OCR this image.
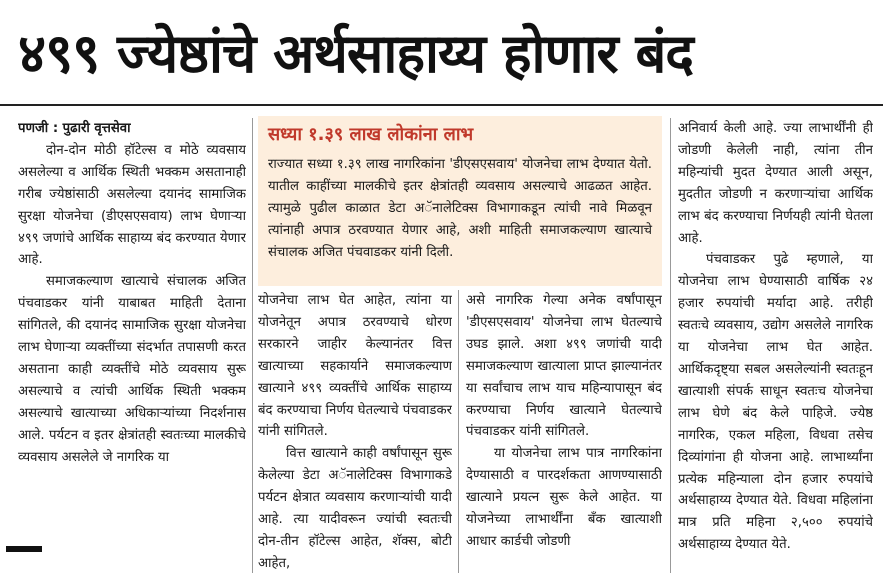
४९९ ज्येष्ठांचे अर्थसाहाय्य होणार बंद

पणजी : पुढारी वृत्तसेवा

दोन-दोन मोठी हॉटेल्स व मोठे व्यवसाय असलेल्या व आर्थिक स्थिती भक्कम असतानाही गरीब ज्येष्ठांसाठी असलेल्या दयानंद सामाजिक सुरक्षा योजनेचा (डीएसएसवाय) लाभ घेणाऱ्या ४९९ जणांचे आर्थिक साहाय्य बंद करण्यात येणार आहे.

समाजकल्याण खात्याचे संचालक अजित पंचवाडकर यांनी याबाबत माहिती देताना सांगितले, की दयानंद सामाजिक सुरक्षा योजनेचा लाभ घेणाऱ्या व्यक्तींच्या संदर्भात तपासणी करत असताना काही व्यक्तींचे मोठे व्यवसाय सुरू असल्याचे व त्यांची आर्थिक स्थिती भक्कम असल्याचे खात्याच्या अधिकाऱ्यांच्या निदर्शनास आले. पर्यटन व इतर क्षेत्रांतही स्वतःच्या मालकीचे व्यवसाय असलेले जे नागरिक या

सध्या १.३९ लाख लोकांना लाभ

राज्यात सध्या १.३९ लाख नागरिकांना 'डीएसएसवाय' योजनेचा लाभ देण्यात येतो. यातील काहींच्या मालकीचे इतर क्षेत्रांतही व्यवसाय असल्याचे आढळत आहेत. त्यामुळे पुढील काळात डेटा अॅनालेटिक्स विभागाकडून त्यांची नावे मिळवून त्यांनाही अपात्र ठरवण्यात येणार आहे, अशी माहिती समाजकल्याण खात्याचे संचालक अजित पंचवाडकर यांनी दिली.

योजनेचा लाभ घेत आहेत, त्यांना या योजनेतून अपात्र ठरवण्याचे धोरण सरकारने जाहीर केल्यानंतर वित्त खात्याच्या सहकार्याने समाजकल्याण खात्याने ४९९ व्यक्तींचे आर्थिक साहाय्य बंद करण्याचा निर्णय घेतल्याचे पंचवाडकर यांनी सांगितले.

वित्त खात्याने काही वर्षांपासून सुरू केलेल्या डेटा अॅनालेटिक्स विभागाकडे पर्यटन क्षेत्रात व्यवसाय करणाऱ्यांची यादी आहे. त्या यादीवरून ज्यांची स्वतःची दोन-तीन हॉटेल्स आहेत, शॅक्स, बोटी आहेत,

असे नागरिक गेल्या अनेक वर्षांपासून 'डीएसएसवाय' योजनेचा लाभ घेतल्याचे उघड झाले. अशा ४९९ जणांची यादी समाजकल्याण खात्याला प्राप्त झाल्यानंतर या सर्वांचाच लाभ याच महिन्यापासून बंद करण्याचा निर्णय खात्याने घेतल्याचे पंचवाडकर यांनी सांगितले.

या योजनेचा लाभ पात्र नागरिकांना देण्यासाठी व पारदर्शकता आणण्यासाठी खात्याने प्रयत्न सुरू केले आहेत. या योजनेच्या लाभार्थींना बँक खात्याशी आधार कार्डची जोडणी

अनिवार्य केली आहे. ज्या लाभार्थींनी ही जोडणी केलेली नाही, त्यांना तीन महिन्यांची मुदत देण्यात आली असून, मुदतीत जोडणी न करणाऱ्यांचा आर्थिक लाभ बंद करण्याचा निर्णयही त्यांनी घेतला आहे.

पंचवाडकर पुढे म्हणाले, या योजनेचा लाभ घेण्यासाठी वार्षिक २४ हजार रुपयांची मर्यादा आहे. तरीही स्वतःचे व्यवसाय, उद्योग असलेले नागरिक या योजनेचा लाभ घेत आहेत. आर्थिकदृष्ट्या सबल असलेल्यांनी स्वतःहून खात्याशी संपर्क साधून स्वतःच योजनेचा लाभ घेणे बंद केले पाहिजे. ज्येष्ठ नागरिक, एकल महिला, विधवा तसेच दिव्यांगांना ही योजना आहे. लाभार्थ्यांना प्रत्येक महिन्याला दोन हजार रुपयांचे अर्थसाहाय्य देण्यात येते. विधवा महिलांना मात्र प्रति महिना २,५०० रुपयांचे अर्थसाहाय्य देण्यात येते.
